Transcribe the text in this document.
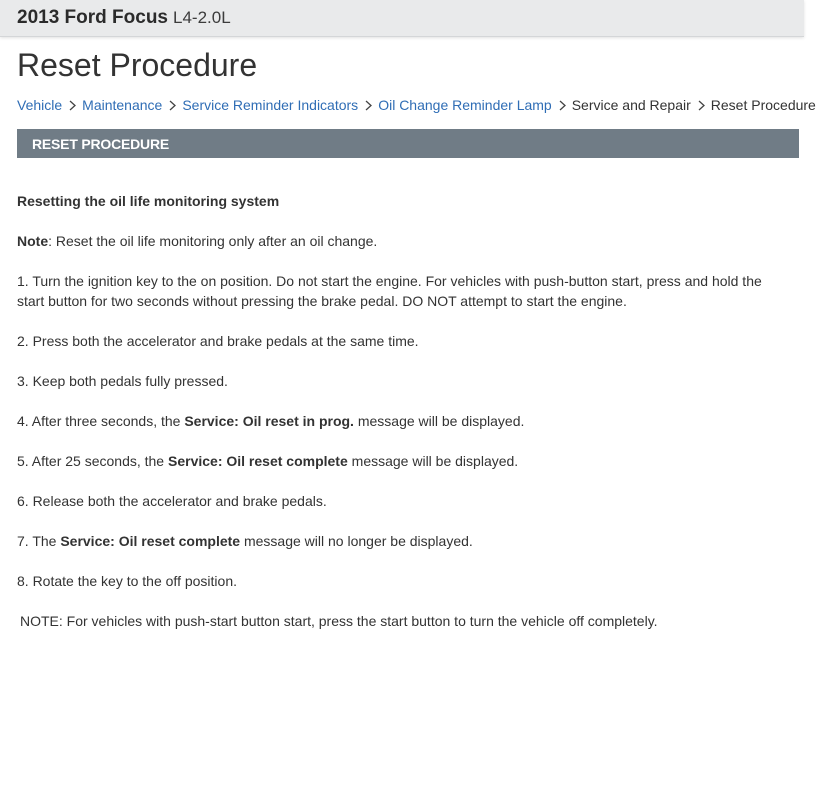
2013 Ford Focus L4-2.0L
Reset Procedure
Vehicle Maintenance Service Reminder Indicators Oil Change Reminder Lamp Service and Repair Reset Procedure
RESET PROCEDURE

Resetting the oil life monitoring system

Note: Reset the oil life monitoring only after an oil change.

1. Turn the ignition key to the on position. Do not start the engine. For vehicles with push-button start, press and hold the start button for two seconds without pressing the brake pedal. DO NOT attempt to start the engine.

2. Press both the accelerator and brake pedals at the same time.

3. Keep both pedals fully pressed.

4. After three seconds, the Service: Oil reset in prog. message will be displayed.

5. After 25 seconds, the Service: Oil reset complete message will be displayed.

6. Release both the accelerator and brake pedals.

7. The Service: Oil reset complete message will no longer be displayed.

8. Rotate the key to the off position.

NOTE: For vehicles with push-start button start, press the start button to turn the vehicle off completely.
